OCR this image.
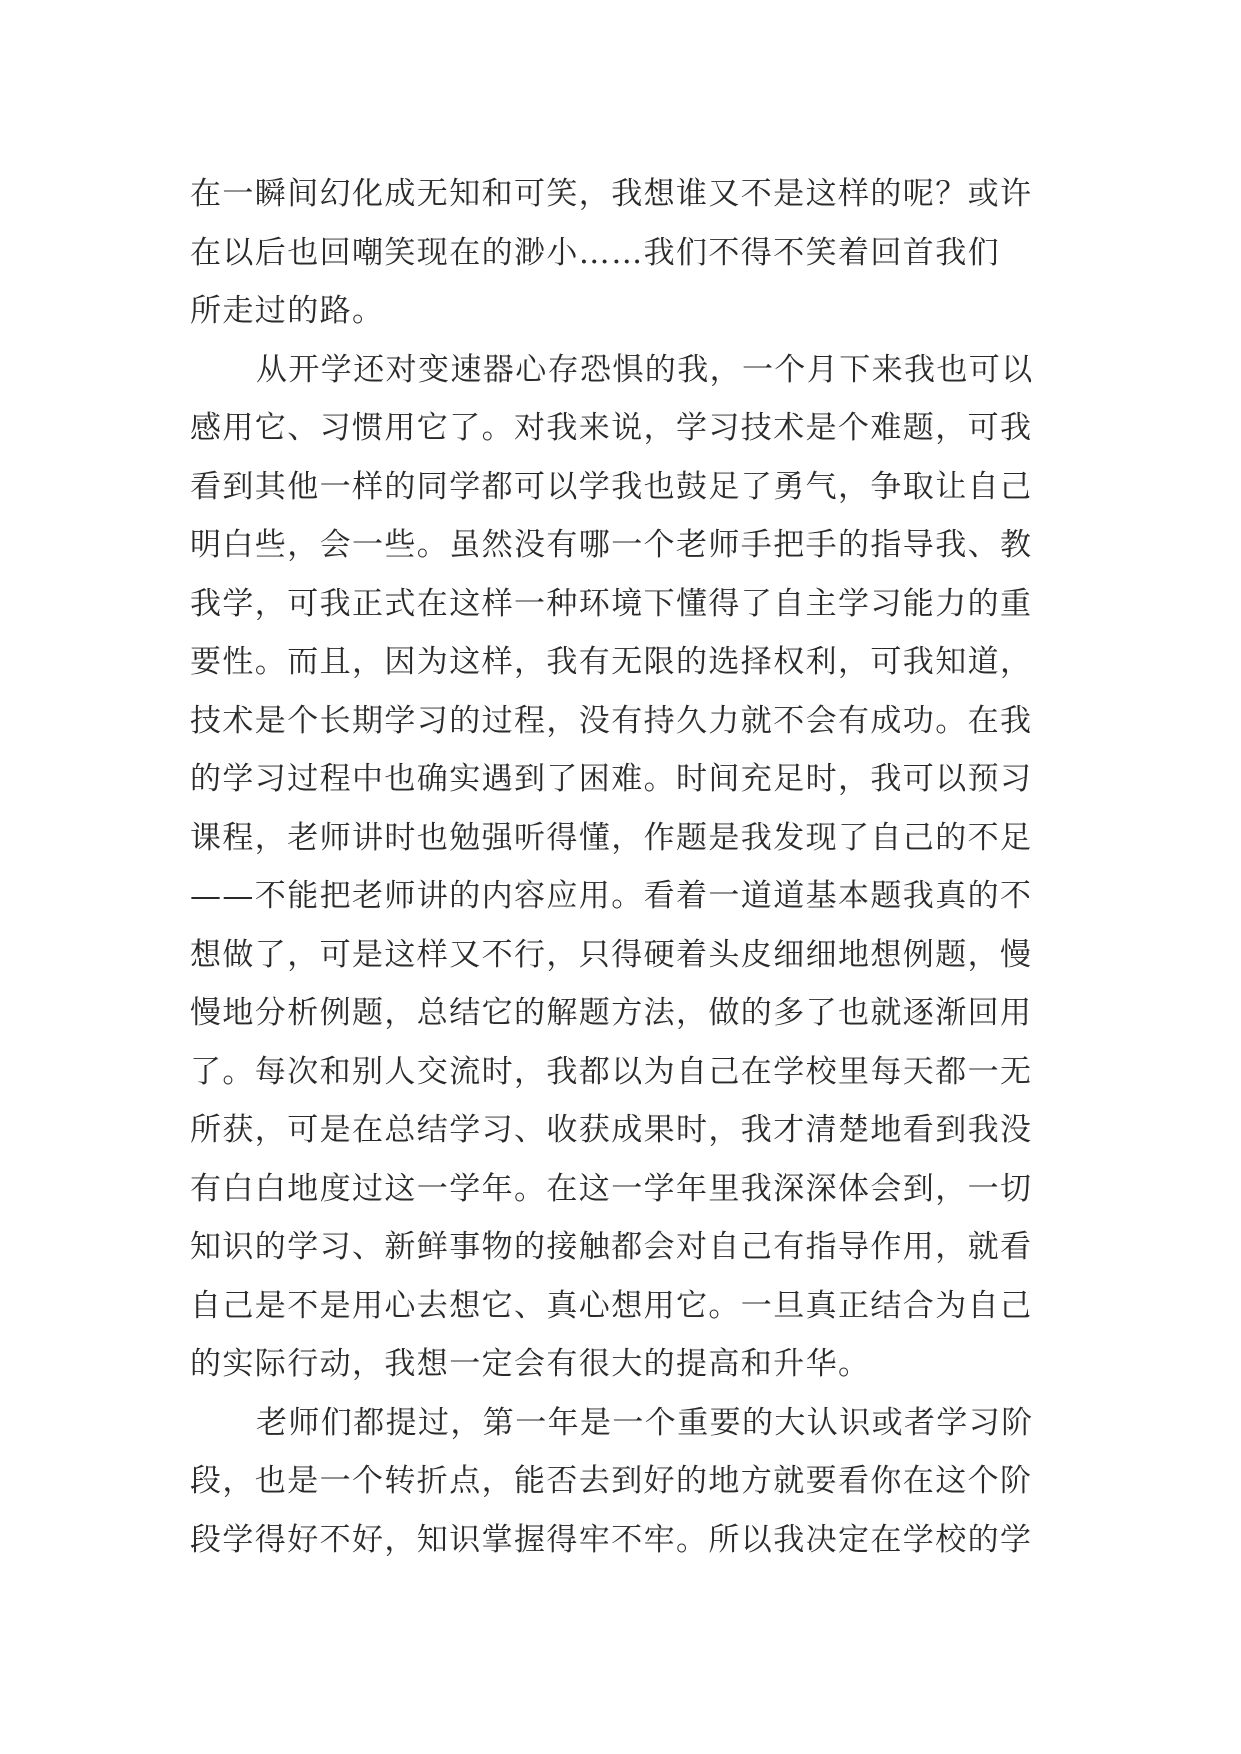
在一瞬间幻化成无知和可笑，我想谁又不是这样的呢？或许
在以后也回嘲笑现在的渺小……我们不得不笑着回首我们
所走过的路。
从开学还对变速器心存恐惧的我，一个月下来我也可以
感用它、习惯用它了。对我来说，学习技术是个难题，可我
看到其他一样的同学都可以学我也鼓足了勇气，争取让自己
明白些，会一些。虽然没有哪一个老师手把手的指导我、教
我学，可我正式在这样一种环境下懂得了自主学习能力的重
要性。而且，因为这样，我有无限的选择权利，可我知道，
技术是个长期学习的过程，没有持久力就不会有成功。在我
的学习过程中也确实遇到了困难。时间充足时，我可以预习
课程，老师讲时也勉强听得懂，作题是我发现了自己的不足
——不能把老师讲的内容应用。看着一道道基本题我真的不
想做了，可是这样又不行，只得硬着头皮细细地想例题，慢
慢地分析例题，总结它的解题方法，做的多了也就逐渐回用
了。每次和别人交流时，我都以为自己在学校里每天都一无
所获，可是在总结学习、收获成果时，我才清楚地看到我没
有白白地度过这一学年。在这一学年里我深深体会到，一切
知识的学习、新鲜事物的接触都会对自己有指导作用，就看
自己是不是用心去想它、真心想用它。一旦真正结合为自己
的实际行动，我想一定会有很大的提高和升华。
老师们都提过，第一年是一个重要的大认识或者学习阶
段，也是一个转折点，能否去到好的地方就要看你在这个阶
段学得好不好，知识掌握得牢不牢。所以我决定在学校的学
